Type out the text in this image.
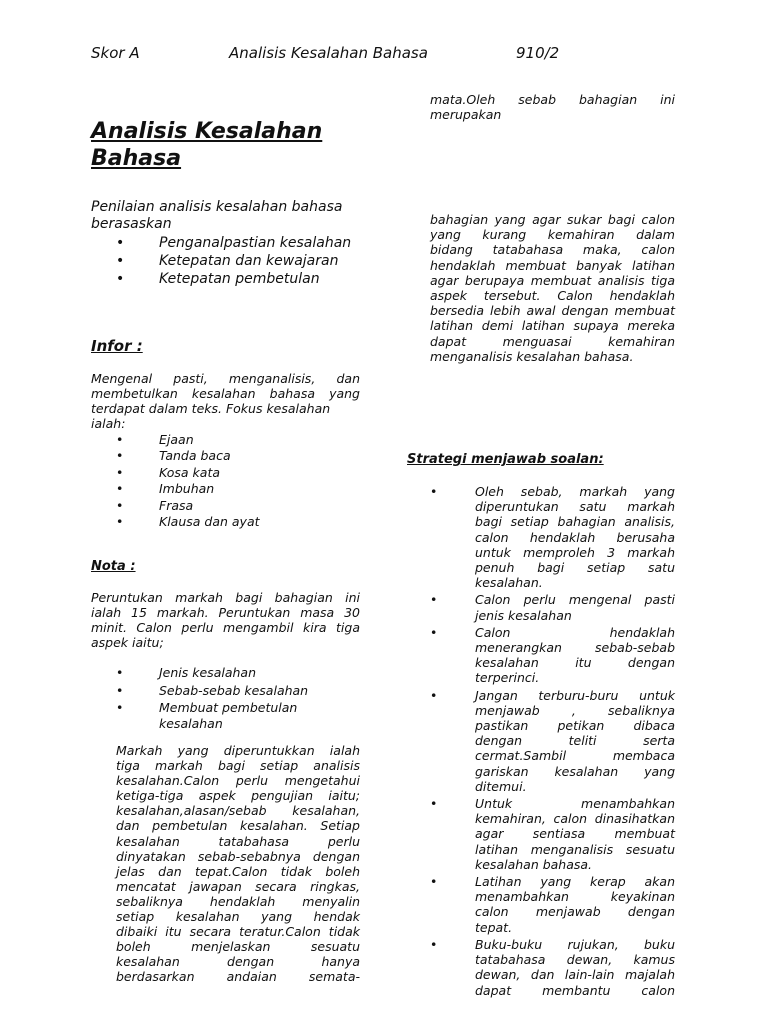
Skor A	Analisis Kesalahan Bahasa	910/2
Analisis Kesalahan
Bahasa
Penilaian analisis kesalahan bahasa berasaskan
• Penganalpastian kesalahan
• Ketepatan dan kewajaran
• Ketepatan pembetulan
Infor :
Mengenal pasti, menganalisis, dan
membetulkan kesalahan bahasa yang
terdapat dalam teks. Fokus kesalahan
ialah:
•	Ejaan
•	Tanda baca
•	Kosa kata
•	Imbuhan
•	Frasa
•	Klausa dan ayat
Nota :
Peruntukan markah bagi bahagian ini
ialah 15 markah. Peruntukan masa 30
minit. Calon perlu mengambil kira tiga
aspek iaitu;
•	Jenis kesalahan
•	Sebab-sebab kesalahan
•	Membuat pembetulan kesalahan
Markah yang diperuntukkan ialah
tiga markah bagi setiap analisis
kesalahan.Calon perlu mengetahui
ketiga-tiga aspek pengujian iaitu;
kesalahan,alasan/sebab kesalahan,
dan pembetulan kesalahan. Setiap
kesalahan tatabahasa perlu
dinyatakan sebab-sebabnya dengan
jelas dan tepat.Calon tidak boleh
mencatat jawapan secara ringkas,
sebaliknya hendaklah menyalin
setiap kesalahan yang hendak
dibaiki itu secara teratur.Calon tidak
boleh menjelaskan sesuatu
kesalahan dengan hanya
berdasarkan andaian semata-
mata.Oleh sebab bahagian ini
merupakan
bahagian yang agar sukar bagi calon
yang kurang kemahiran dalam
bidang tatabahasa maka, calon
hendaklah membuat banyak latihan
agar berupaya membuat analisis tiga
aspek tersebut. Calon hendaklah
bersedia lebih awal dengan membuat
latihan demi latihan supaya mereka
dapat menguasai kemahiran
menganalisis kesalahan bahasa.
Strategi menjawab soalan:
•	Oleh sebab, markah yang
diperuntukan satu markah
bagi setiap bahagian analisis,
calon hendaklah berusaha
untuk memproleh 3 markah
penuh bagi setiap satu
kesalahan.
•	Calon perlu mengenal pasti
jenis kesalahan
•	Calon hendaklah
menerangkan sebab-sebab
kesalahan itu dengan
terperinci.
•	Jangan terburu-buru untuk
menjawab , sebaliknya
pastikan petikan dibaca
dengan teliti serta
cermat.Sambil membaca
gariskan kesalahan yang
ditemui.
•	Untuk menambahkan
kemahiran, calon dinasihatkan
agar sentiasa membuat
latihan menganalisis sesuatu
kesalahan bahasa.
•	Latihan yang kerap akan
menambahkan keyakinan
calon menjawab dengan
tepat.
•	Buku-buku rujukan, buku
tatabahasa dewan, kamus
dewan, dan lain-lain majalah
dapat membantu calon
